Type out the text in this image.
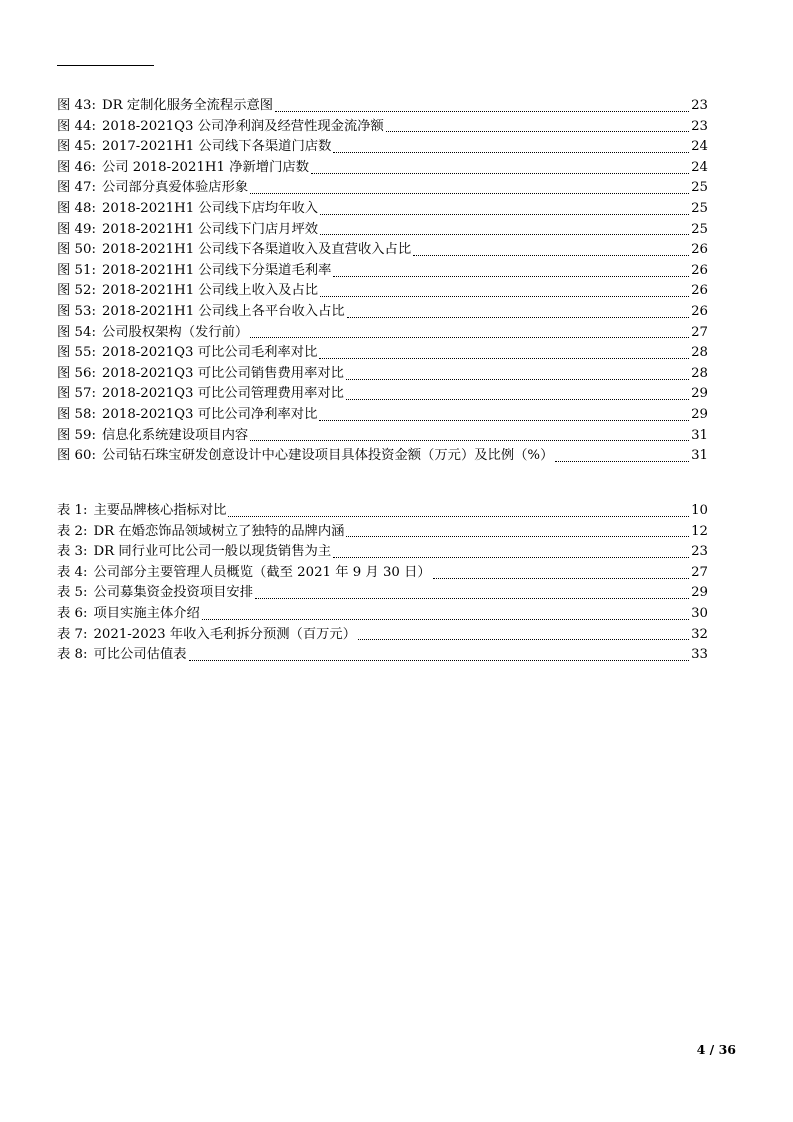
图 43: DR 定制化服务全流程示意图	23
图 44: 2018-2021Q3 公司净利润及经营性现金流净额	23
图 45: 2017-2021H1 公司线下各渠道门店数	24
图 46: 公司 2018-2021H1 净新增门店数	24
图 47: 公司部分真爱体验店形象	25
图 48: 2018-2021H1 公司线下店均年收入	25
图 49: 2018-2021H1 公司线下门店月坪效	25
图 50: 2018-2021H1 公司线下各渠道收入及直营收入占比	26
图 51: 2018-2021H1 公司线下分渠道毛利率	26
图 52: 2018-2021H1 公司线上收入及占比	26
图 53: 2018-2021H1 公司线上各平台收入占比	26
图 54: 公司股权架构（发行前）	27
图 55: 2018-2021Q3 可比公司毛利率对比	28
图 56: 2018-2021Q3 可比公司销售费用率对比	28
图 57: 2018-2021Q3 可比公司管理费用率对比	29
图 58: 2018-2021Q3 可比公司净利率对比	29
图 59: 信息化系统建设项目内容	31
图 60: 公司钻石珠宝研发创意设计中心建设项目具体投资金额（万元）及比例（%）	31
表 1: 主要品牌核心指标对比	10
表 2: DR 在婚恋饰品领域树立了独特的品牌内涵	12
表 3: DR 同行业可比公司一般以现货销售为主	23
表 4: 公司部分主要管理人员概览（截至 2021 年 9 月 30 日）	27
表 5: 公司募集资金投资项目安排	29
表 6: 项目实施主体介绍	30
表 7: 2021-2023 年收入毛利拆分预测（百万元）	32
表 8: 可比公司估值表	33
4 / 36
